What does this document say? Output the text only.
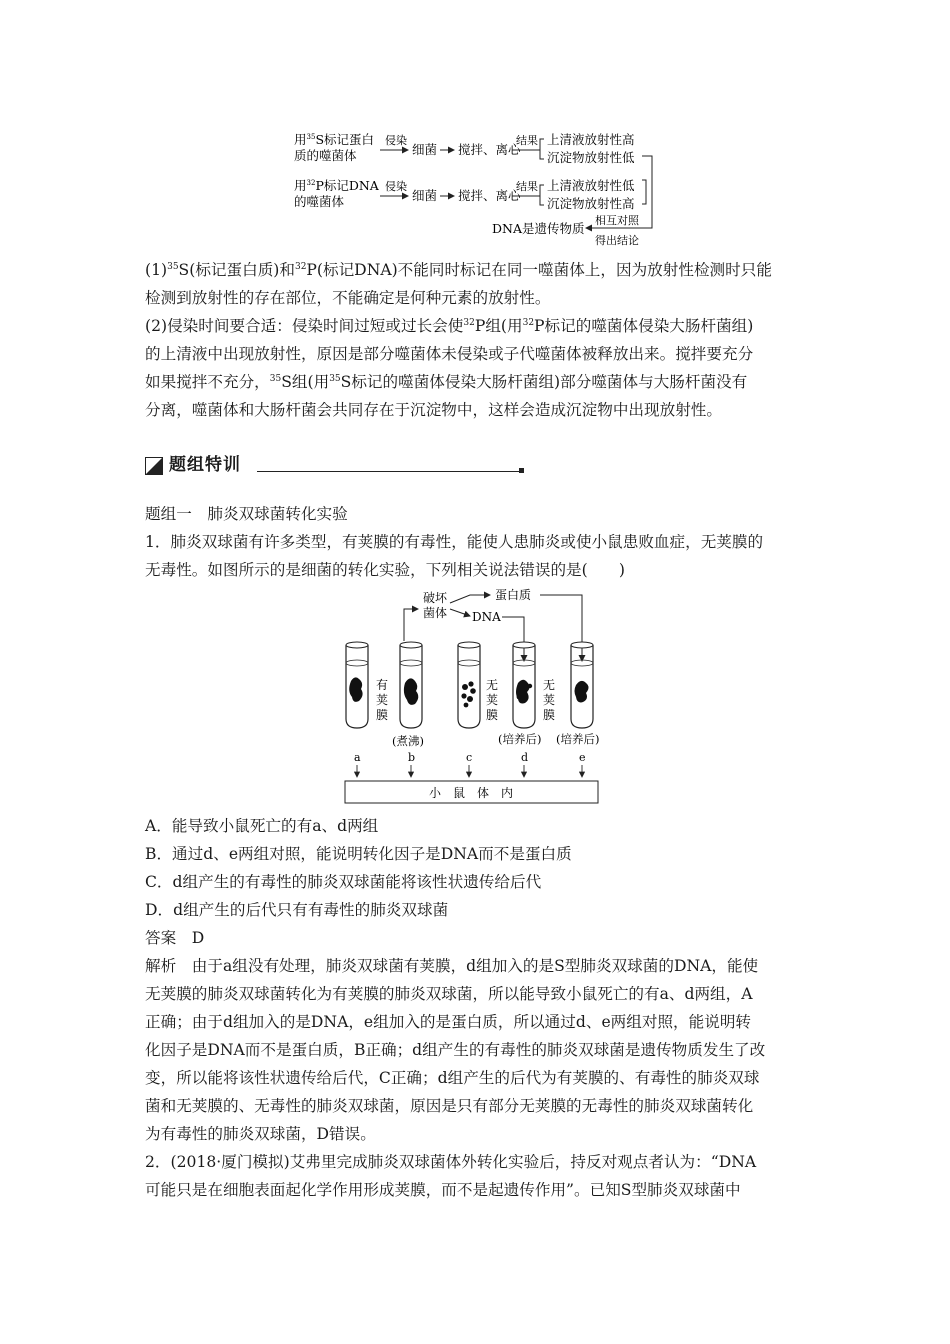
用$^{35}$S标记蛋白
质的噬菌体
侵染
细菌 搅拌、离心
结果 上清液放射性高
沉淀物放射性低
用$^{32}$P标记DNA
的噬菌体
侵染
细菌 搅拌、离心
结果 上清液放射性低
沉淀物放射性高
相互对照
得出结论
DNA是遗传物质
$(1)^{35}S$(标记蛋白质)和$^{32}$P(标记DNA)不能同时标记在同一噬菌体上，因为放射性检测时只能
检测到放射性的存在部位，不能确定是何种元素的放射性。
(2)侵染时间要合适：侵染时间过短或过长会使$^{32}$P组(用$^{32}$P标记的噬菌体侵染大肠杆菌组)
的上清液中出现放射性，原因是部分噬菌体未侵染或子代噬菌体被释放出来。搅拌要充分
如果搅拌不充分，$^{35}$S组(用$^{35}$S标记的噬菌体侵染大肠杆菌组)部分噬菌体与大肠杆菌没有
分离，噬菌体和大肠杆菌会共同存在于沉淀物中，这样会造成沉淀物中出现放射性。
题组特训
题组一　肺炎双球菌转化实验
1．肺炎双球菌有许多类型，有荚膜的有毒性，能使人患肺炎或使小鼠患败血症，无荚膜的
无毒性。如图所示的是细菌的转化实验，下列相关说法错误的是(　　)
破坏
菌体 DNA
蛋白质
有
荚
膜
无
荚
膜
无
荚
膜
(煮沸)	(培养后) (培养后)
a	b	c	d	e
小　鼠　体　内
A．能导致小鼠死亡的有a、d两组
B．通过d、e两组对照，能说明转化因子是DNA而不是蛋白质
C．d组产生的有毒性的肺炎双球菌能将该性状遗传给后代
D．d组产生的后代只有有毒性的肺炎双球菌
答案　D
解析　由于a组没有处理，肺炎双球菌有荚膜，d组加入的是S型肺炎双球菌的DNA，能使
无荚膜的肺炎双球菌转化为有荚膜的肺炎双球菌，所以能导致小鼠死亡的有a、d两组，A
正确；由于d组加入的是DNA，e组加入的是蛋白质，所以通过d、e两组对照，能说明转
化因子是DNA而不是蛋白质，B正确；d组产生的有毒性的肺炎双球菌是遗传物质发生了改
变，所以能将该性状遗传给后代，C正确；d组产生的后代为有荚膜的、有毒性的肺炎双球
菌和无荚膜的、无毒性的肺炎双球菌，原因是只有部分无荚膜的无毒性的肺炎双球菌转化
为有毒性的肺炎双球菌，D错误。
2．(2018·厦门模拟)艾弗里完成肺炎双球菌体外转化实验后，持反对观点者认为：“DNA
可能只是在细胞表面起化学作用形成荚膜，而不是起遗传作用”。已知S型肺炎双球菌中
